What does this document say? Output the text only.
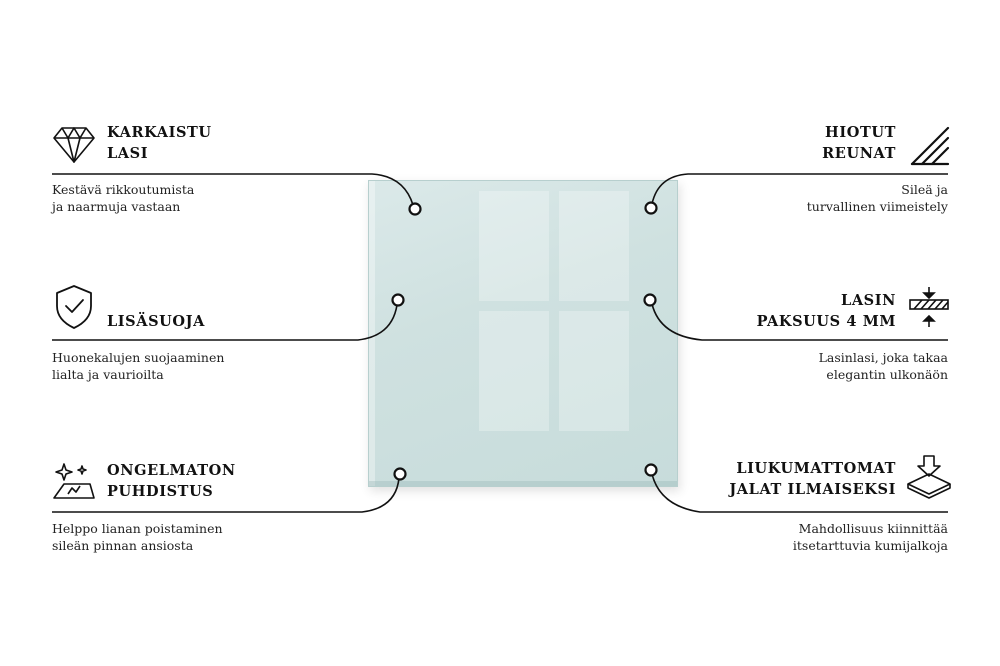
KARKAISTU
LASI
Kestävä rikkoutumista
ja naarmuja vastaan
LISÄSUOJA
Huonekalujen suojaaminen
lialta ja vaurioilta
ONGELMATON
PUHDISTUS
Helppo lianan poistaminen
sileän pinnan ansiosta
HIOTUT
REUNAT
Sileä ja
turvallinen viimeistely
LASIN
PAKSUUS 4 MM
Lasinlasi, joka takaa
elegantin ulkonäön
LIUKUMATTOMAT
JALAT ILMAISEKSI
Mahdollisuus kiinnittää
itsetarttuvia kumijalkoja
